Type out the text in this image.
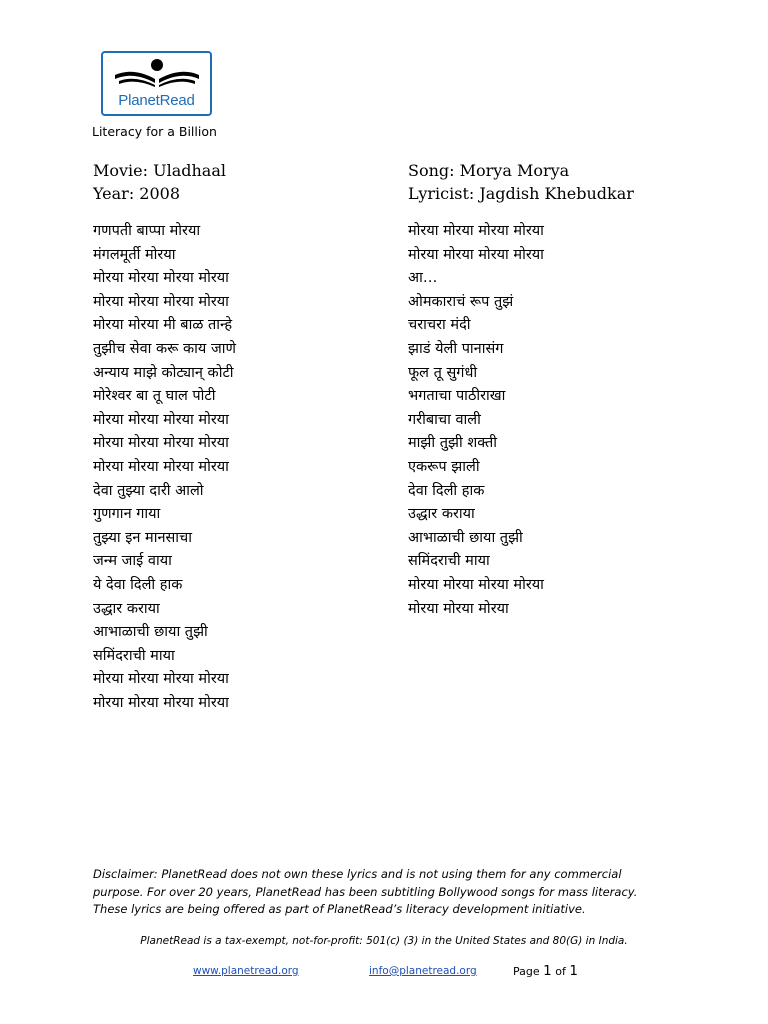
PlanetRead
Literacy for a Billion
Movie: Uladhaal
Year: 2008
Song: Morya Morya
Lyricist: Jagdish Khebudkar
गणपती बाप्पा मोरया
मंगलमूर्ती मोरया
मोरया मोरया मोरया मोरया
मोरया मोरया मोरया मोरया
मोरया मोरया मी बाळ तान्हे
तुझीच सेवा करू काय जाणे
अन्याय माझे कोट्यान् कोटी
मोरेश्वर बा तू घाल पोटी
मोरया मोरया मोरया मोरया
मोरया मोरया मोरया मोरया
मोरया मोरया मोरया मोरया
देवा तुझ्या दारी आलो
गुणगान गाया
तुझ्या इन मानसाचा
जन्म जाई वाया
ये देवा दिली हाक
उद्धार कराया
आभाळाची छाया तुझी
समिंदराची माया
मोरया मोरया मोरया मोरया
मोरया मोरया मोरया मोरया
मोरया मोरया मोरया मोरया
मोरया मोरया मोरया मोरया
आ…
ओमकाराचं रूप तुझं
चराचरा मंदी
झाडं येली पानासंग
फूल तू सुगंधी
भगताचा पाठीराखा
गरीबाचा वाली
माझी तुझी शक्ती
एकरूप झाली
देवा दिली हाक
उद्धार कराया
आभाळाची छाया तुझी
समिंदराची माया
मोरया मोरया मोरया मोरया
मोरया मोरया मोरया
Disclaimer: PlanetRead does not own these lyrics and is not using them for any commercial
purpose. For over 20 years, PlanetRead has been subtitling Bollywood songs for mass literacy.
These lyrics are being offered as part of PlanetRead’s literacy development initiative.
PlanetRead is a tax-exempt, not-for-profit: 501(c) (3) in the United States and 80(G) in India.
www.planetread.org	info@planetread.org	Page 1 of 1
